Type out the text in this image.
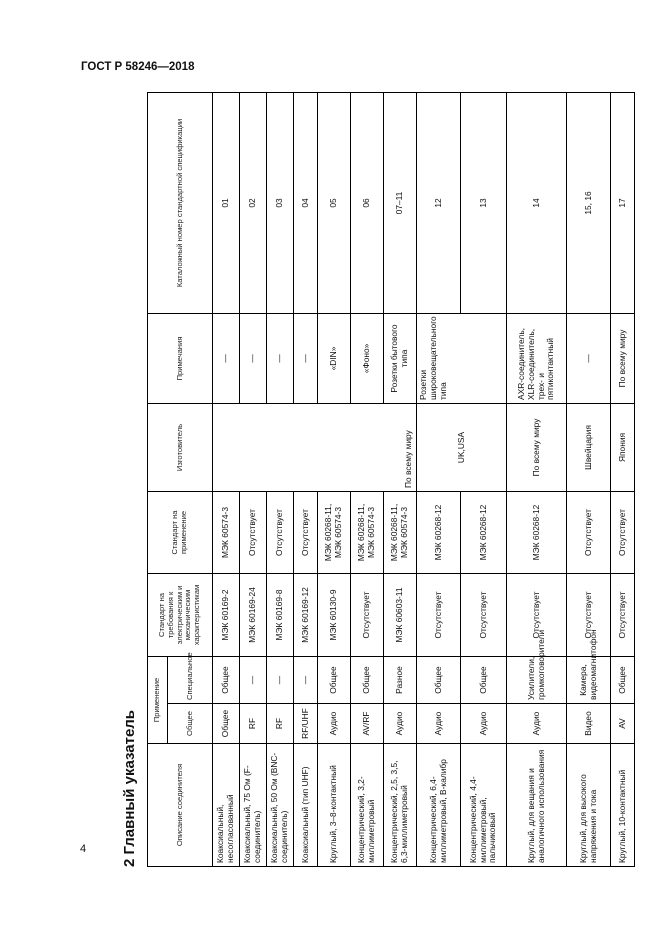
ГОСТ Р 58246—2018
4	2 Главный указатель	Описание соединителя	Применение		Стандарт на требования к электрическим и механическим характеристикам	Стандарт на применение	Изготовитель	Примечания	Каталожный номер стандартной спецификации
	Общее	Специальное					
Коаксиальный, несогласованный	Общее	Общее	МЭК 60169-2	МЭК 60574-3	По всему миру	—	01
Коаксиальный, 75 Ом (F-соединитель)	RF	—	МЭК 60169-24	Отсутствует		—	02
Коаксиальный, 50 Ом (BNC-соединитель)	RF	—	МЭК 60169-8	Отсутствует		—	03
Коаксиальный (тип UHF)	RF/UHF	—	МЭК 60169-12	Отсутствует		—	04
Круглый, 3–8-контактный	Аудио	Общее	МЭК 60130-9	МЭК 60268-11, МЭК 60574-3		«DIN»	05
Концентрический, 3,2-миллиметровый	AV/RF	Общее	Отсутствует	МЭК 60268-11, МЭК 60574-3		«Фоно»	06
Концентрический, 2,5, 3,5, 6,3-миллиметровый	Аудио	Разное	МЭК 60603-11	МЭК 60268-11, МЭК 60574-3		Розетки бытового типа	07–11
Концентрический, 6,4-миллиметровый, B-калибр	Аудио	Общее	Отсутствует	МЭК 60268-12	UK,USA	Розетки широковещательного типа	12
Концентрический, 4,4-миллиметровый, пальчиковый	Аудио	Общее	Отсутствует	МЭК 60268-12			13
Круглый, для вещания и аналогичного использования	Аудио	Усилители, громкоговорители	Отсутствует	МЭК 60268-12	По всему миру	AXR-соединитель, XLR-соединитель, трех- и пятиконтактный	14
Круглый, для высокого напряжения и тока	Видео	Камера, видеомагнитофон	Отсутствует	Отсутствует	Швейцария	—	15, 16
Круглый, 10-контактный	AV	Общее	Отсутствует	Отсутствует	Япония	По всему миру	17
